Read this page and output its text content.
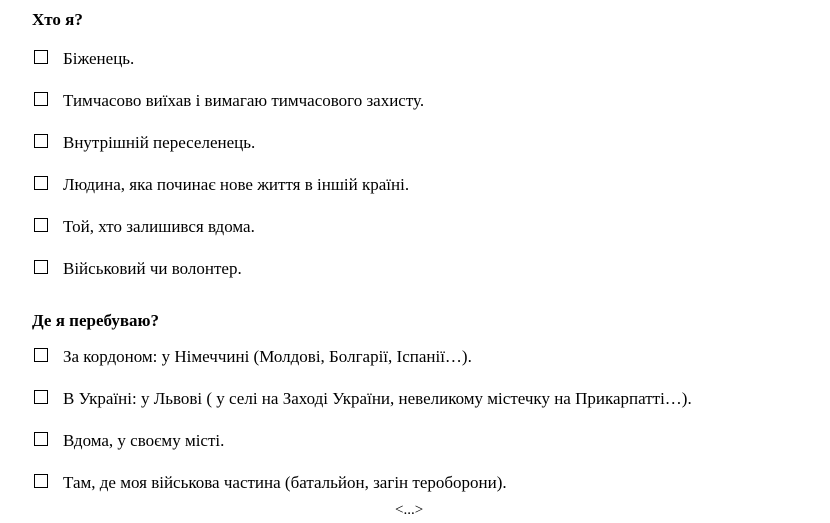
Хто я?
Біженець.
Тимчасово виїхав і вимагаю тимчасового захисту.
Внутрішній переселенець.
Людина, яка починає нове життя в іншій країні.
Той, хто залишився вдома.
Військовий чи волонтер.
Де я перебуваю?
За кордоном: у Німеччині (Молдові, Болгарії, Іспанії…).
В Україні: у Львові ( у селі на Заході України, невеликому містечку на Прикарпатті…).
Вдома, у своєму місті.
Там, де моя військова частина (батальйон, загін тероборони).
<...>
